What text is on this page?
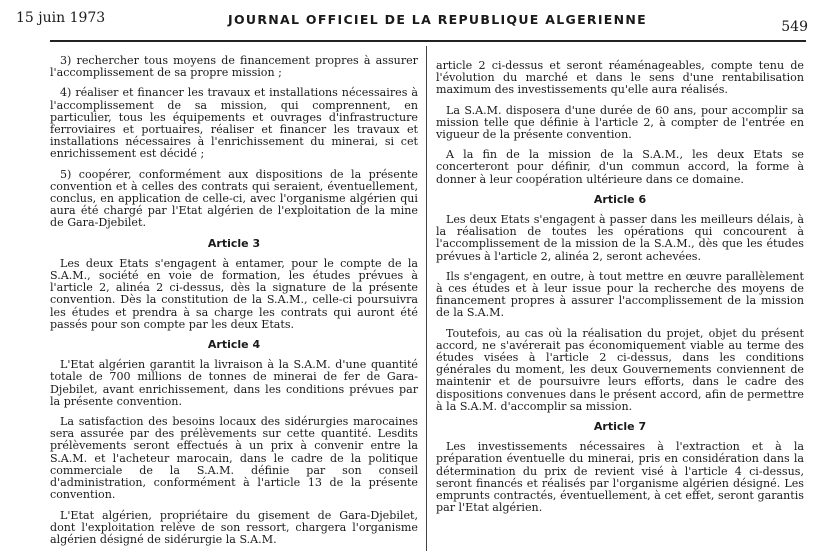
15 juin 1973	JOURNAL OFFICIEL DE LA REPUBLIQUE ALGERIENNE	549

3) rechercher tous moyens de financement propres à assurer l'accomplissement de sa propre mission ;

4) réaliser et financer les travaux et installations nécessaires à l'accomplissement de sa mission, qui comprennent, en particulier, tous les équipements et ouvrages d'infrastructure ferroviaires et portuaires, réaliser et financer les travaux et installations nécessaires à l'enrichissement du minerai, si cet enrichissement est décidé ;

5) coopérer, conformément aux dispositions de la présente convention et à celles des contrats qui seraient, éventuellement, conclus, en application de celle-ci, avec l'organisme algérien qui aura été chargé par l'Etat algérien de l'exploitation de la mine de Gara-Djebilet.

Article 3

Les deux Etats s'engagent à entamer, pour le compte de la S.A.M., société en voie de formation, les études prévues à l'article 2, alinéa 2 ci-dessus, dès la signature de la présente convention. Dès la constitution de la S.A.M., celle-ci poursuivra les études et prendra à sa charge les contrats qui auront été passés pour son compte par les deux Etats.

Article 4

L'Etat algérien garantit la livraison à la S.A.M. d'une quantité totale de 700 millions de tonnes de minerai de fer de Gara-Djebilet, avant enrichissement, dans les conditions prévues par la présente convention.

La satisfaction des besoins locaux des sidérurgies marocaines sera assurée par des prélèvements sur cette quantité. Lesdits prélèvements seront effectués à un prix à convenir entre la S.A.M. et l'acheteur marocain, dans le cadre de la politique commerciale de la S.A.M. définie par son conseil d'administration, conformément à l'article 13 de la présente convention.

L'Etat algérien, propriétaire du gisement de Gara-Djebilet, dont l'exploitation relève de son ressort, chargera l'organisme algérien désigné de sidérurgie la S.A.M.

article 2 ci-dessus et seront réaménageables, compte tenu de l'évolution du marché et dans le sens d'une rentabilisation maximum des investissements qu'elle aura réalisés.

La S.A.M. disposera d'une durée de 60 ans, pour accomplir sa mission telle que définie à l'article 2, à compter de l'entrée en vigueur de la présente convention.

A la fin de la mission de la S.A.M., les deux Etats se concerteront pour définir, d'un commun accord, la forme à donner à leur coopération ultérieure dans ce domaine.

Article 6

Les deux Etats s'engagent à passer dans les meilleurs délais, à la réalisation de toutes les opérations qui concourent à l'accomplissement de la mission de la S.A.M., dès que les études prévues à l'article 2, alinéa 2, seront achevées.

Ils s'engagent, en outre, à tout mettre en œuvre parallèlement à ces études et à leur issue pour la recherche des moyens de financement propres à assurer l'accomplissement de la mission de la S.A.M.

Toutefois, au cas où la réalisation du projet, objet du présent accord, ne s'avérerait pas économiquement viable au terme des études visées à l'article 2 ci-dessus, dans les conditions générales du moment, les deux Gouvernements conviennent de maintenir et de poursuivre leurs efforts, dans le cadre des dispositions convenues dans le présent accord, afin de permettre à la S.A.M. d'accomplir sa mission.

Article 7

Les investissements nécessaires à l'extraction et à la préparation éventuelle du minerai, pris en considération dans la détermination du prix de revient visé à l'article 4 ci-dessus, seront financés et réalisés par l'organisme algérien désigné. Les emprunts contractés, éventuellement, à cet effet, seront garantis par l'Etat algérien.
